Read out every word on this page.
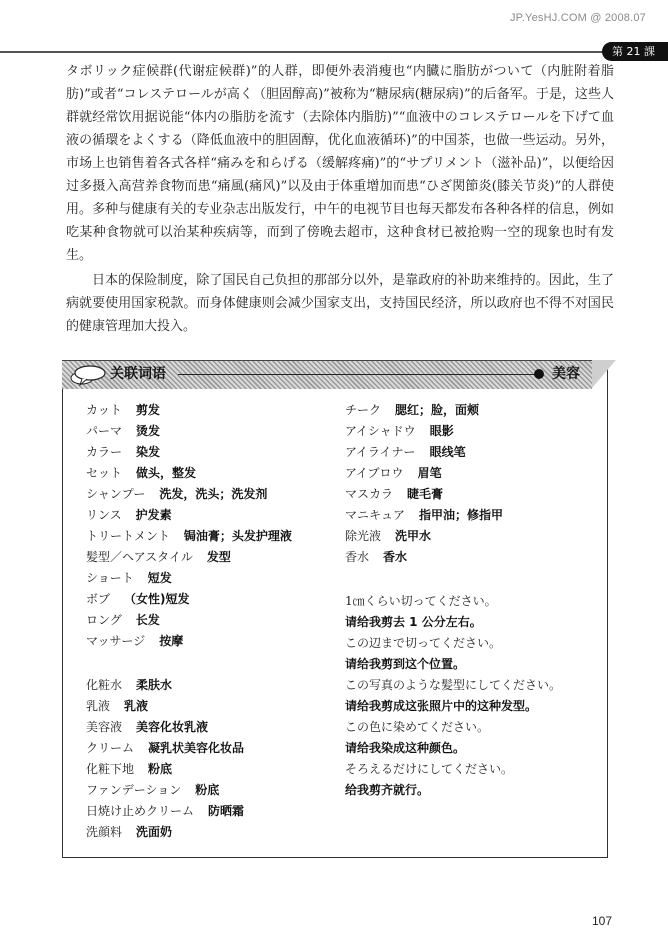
JP.YesHJ.COM @ 2008.07
第 21 課

タボリック症候群(代谢症候群)”的人群，即便外表消瘦也“内臓に脂肪がついて（内脏附着脂肪)”或者“コレステロールが高く（胆固醇高)”被称为“糖尿病(糖尿病)”的后备军。于是，这些人群就经常饮用据说能“体内の脂肪を流す（去除体内脂肪)”“血液中のコレステロールを下げて血液の循環をよくする（降低血液中的胆固醇，优化血液循环)”的中国茶，也做一些运动。另外，市场上也销售着各式各样“痛みを和らげる（缓解疼痛)”的“サプリメント（滋补品)”，以便给因过多摄入高营养食物而患“痛風(痛风)”以及由于体重增加而患“ひざ関節炎(膝关节炎)”的人群使用。多种与健康有关的专业杂志出版发行，中午的电视节目也每天都发布各种各样的信息，例如吃某种食物就可以治某种疾病等，而到了傍晚去超市，这种食材已被抢购一空的现象也时有发生。

日本的保险制度，除了国民自己负担的那部分以外，是靠政府的补助来维持的。因此，生了病就要使用国家税款。而身体健康则会减少国家支出，支持国民经济，所以政府也不得不对国民的健康管理加大投入。

关联词语	美容
カット 剪发
パーマ 烫发
カラー 染发
セット 做头，整发
シャンプー 洗发，洗头；洗发剂
リンス 护发素
トリートメント 锔油膏；头发护理液
髪型／ヘアスタイル 发型
ショート 短发
ボブ （女性)短发
ロング 长发
マッサージ 按摩
化粧水 柔肤水
乳液 乳液
美容液 美容化妆乳液
クリーム 凝乳状美容化妆品
化粧下地 粉底
ファンデーション 粉底
日焼け止めクリーム 防晒霜
洗顔料 洗面奶
チーク 腮红；脸，面颊
アイシャドウ 眼影
アイライナー 眼线笔
アイブロウ 眉笔
マスカラ 睫毛膏
マニキュア 指甲油；修指甲
除光液 洗甲水
香水 香水
1㎝くらい切ってください。
请给我剪去 1 公分左右。
この辺まで切ってください。
请给我剪到这个位置。
この写真のような髪型にしてください。
请给我剪成这张照片中的这种发型。
この色に染めてください。
请给我染成这种颜色。
そろえるだけにしてください。
给我剪齐就行。
107
